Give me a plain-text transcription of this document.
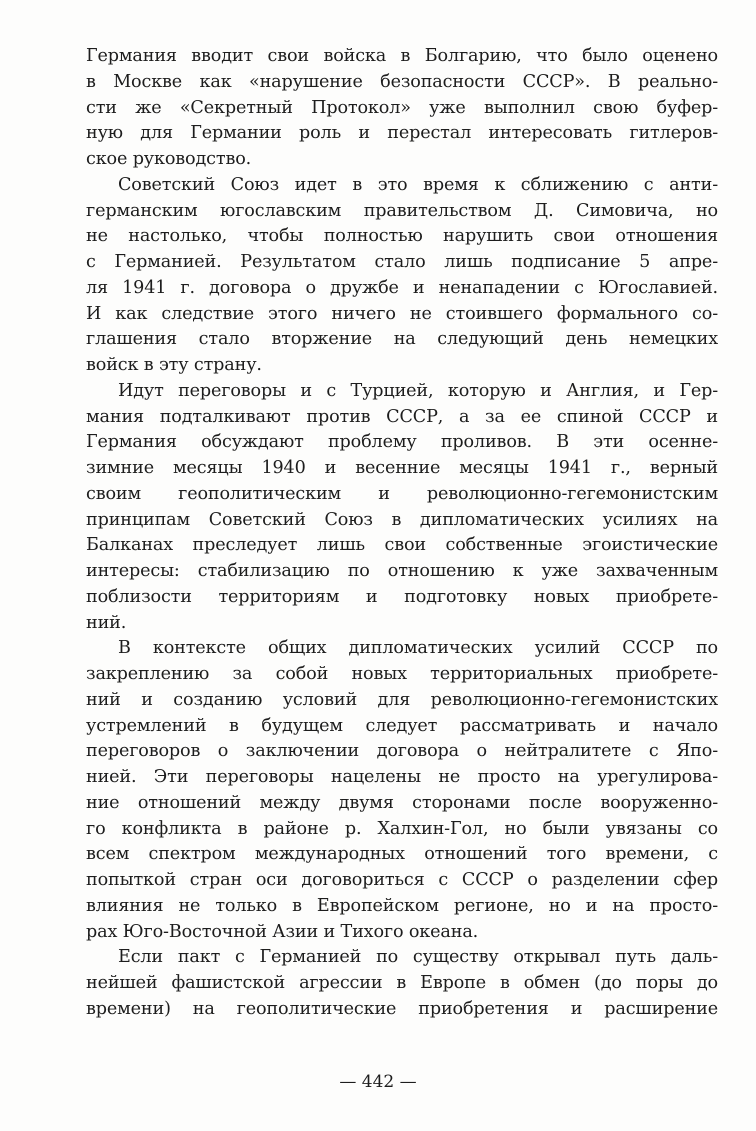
Германия вводит свои войска в Болгарию, что было оценено
в Москве как «нарушение безопасности СССР». В реально-
сти же «Секретный Протокол» уже выполнил свою буфер-
ную для Германии роль и перестал интересовать гитлеров-
ское руководство.
Советский Союз идет в это время к сближению с анти-
германским югославским правительством Д. Симовича, но
не настолько, чтобы полностью нарушить свои отношения
с Германией. Результатом стало лишь подписание 5 апре-
ля 1941 г. договора о дружбе и ненападении с Югославией.
И как следствие этого ничего не стоившего формального со-
глашения стало вторжение на следующий день немецких
войск в эту страну.
Идут переговоры и с Турцией, которую и Англия, и Гер-
мания подталкивают против СССР, а за ее спиной СССР и
Германия обсуждают проблему проливов. В эти осенне-
зимние месяцы 1940 и весенние месяцы 1941 г., верный
своим геополитическим и революционно-гегемонистским
принципам Советский Союз в дипломатических усилиях на
Балканах преследует лишь свои собственные эгоистические
интересы: стабилизацию по отношению к уже захваченным
поблизости территориям и подготовку новых приобрете-
ний.
В контексте общих дипломатических усилий СССР по
закреплению за собой новых территориальных приобрете-
ний и созданию условий для революционно-гегемонистских
устремлений в будущем следует рассматривать и начало
переговоров о заключении договора о нейтралитете с Япо-
нией. Эти переговоры нацелены не просто на урегулирова-
ние отношений между двумя сторонами после вооруженно-
го конфликта в районе р. Халхин-Гол, но были увязаны со
всем спектром международных отношений того времени, с
попыткой стран оси договориться с СССР о разделении сфер
влияния не только в Европейском регионе, но и на простo-
рах Юго-Восточной Азии и Тихого океана.
Если пакт с Германией по существу открывал путь даль-
нейшей фашистской агрессии в Европе в обмен (до поры до
времени) на геополитические приобретения и расширение
— 442 —
